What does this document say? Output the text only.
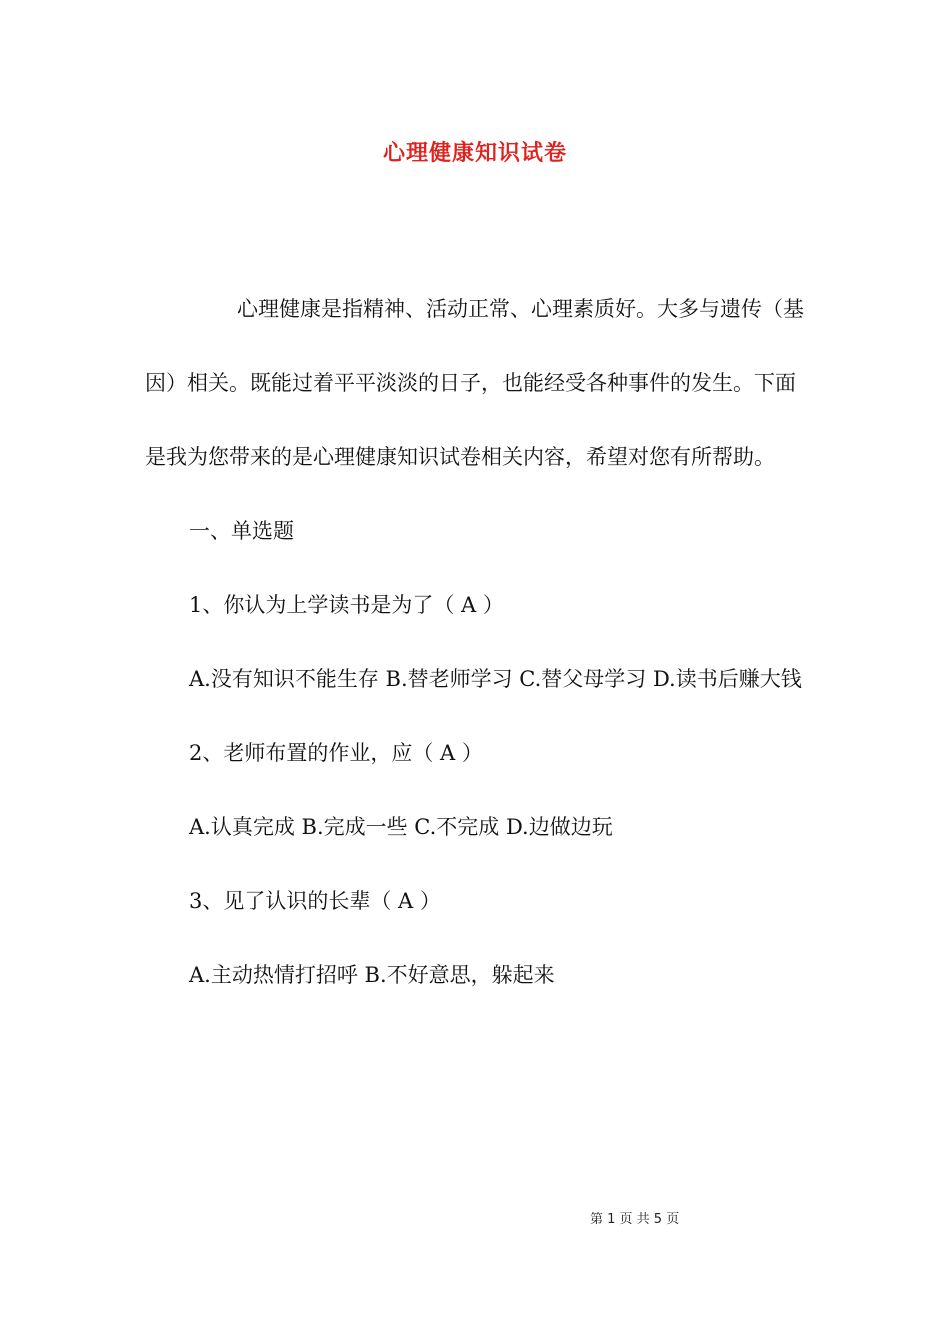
心理健康知识试卷

心理健康是指精神、活动正常、心理素质好。大多与遗传（基因）相关。既能过着平平淡淡的日子，也能经受各种事件的发生。下面是我为您带来的是心理健康知识试卷相关内容，希望对您有所帮助。

一、单选题

1、你认为上学读书是为了（ A ）

A.没有知识不能生存 B.替老师学习 C.替父母学习 D.读书后赚大钱

2、老师布置的作业，应（ A ）

A.认真完成 B.完成一些 C.不完成 D.边做边玩

3、见了认识的长辈（ A ）

A.主动热情打招呼 B.不好意思，躲起来

第 1 页 共 5 页
